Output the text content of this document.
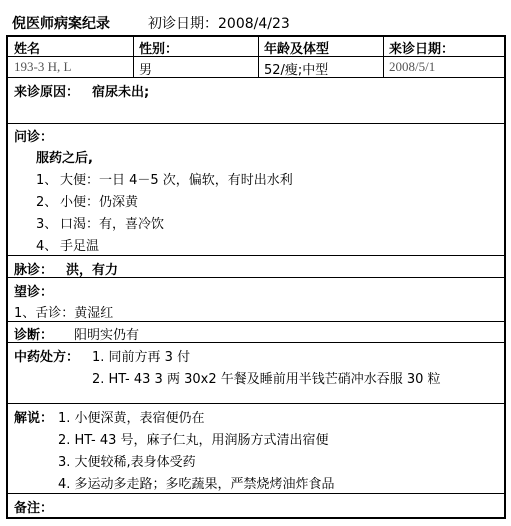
倪医师病案纪录	初诊日期：2008/4/23
姓名	性别：	年龄及体型	来诊日期：
193-3 H, L	男	52/瘦;中型	2008/5/1
来诊原因： 宿尿未出;
问诊：
服药之后,
1、 大便：一日 4－5 次，偏软，有时出水利
2、 小便：仍深黄
3、 口渴：有，喜冷饮
4、 手足温
脉诊： 洪，有力
望诊：
1、舌诊：黄湿红
诊断： 阳明实仍有
中药处方： 1. 同前方再 3 付
2. HT- 43 3 两 30x2 午餐及睡前用半钱芒硝冲水吞服 30 粒
解说： 1. 小便深黄，表宿便仍在
2. HT- 43 号，麻子仁丸，用润肠方式清出宿便
3. 大便较稀,表身体受药
4. 多运动多走路；多吃蔬果，严禁烧烤油炸食品
备注：
